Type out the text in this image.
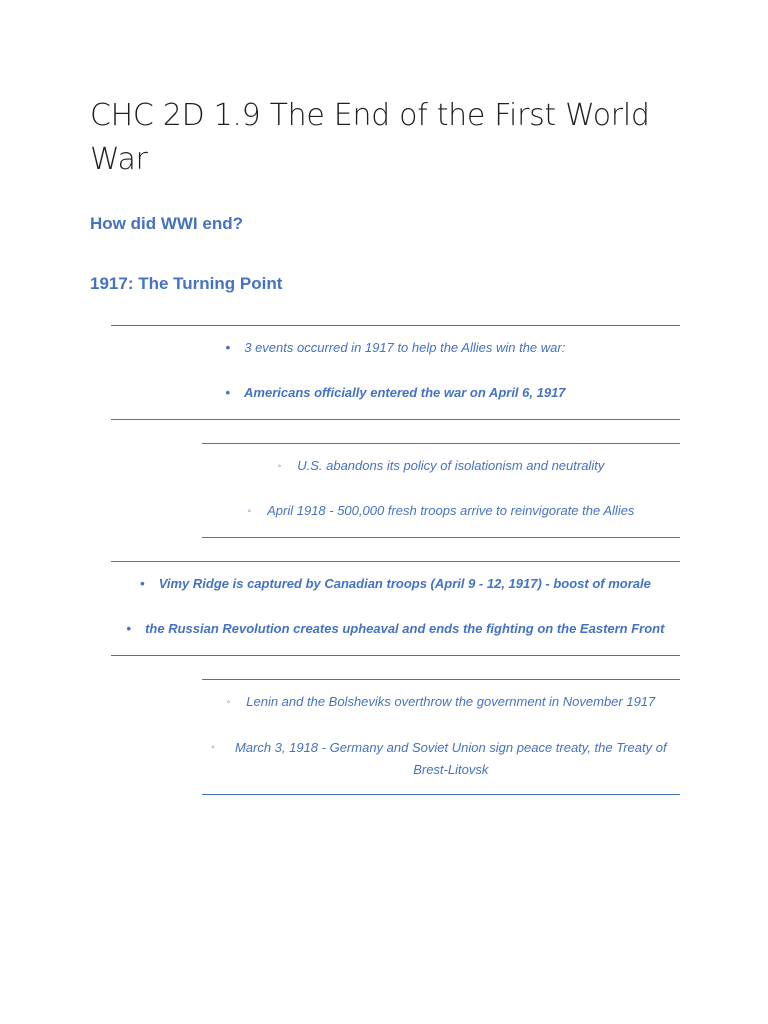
CHC 2D 1.9 The End of the First World War
How did WWI end?
1917: The Turning Point
• 3 events occurred in 1917 to help the Allies win the war:
• Americans officially entered the war on April 6, 1917
◦ U.S. abandons its policy of isolationism and neutrality
◦ April 1918 - 500,000 fresh troops arrive to reinvigorate the Allies
• Vimy Ridge is captured by Canadian troops (April 9 - 12, 1917) - boost of morale
• the Russian Revolution creates upheaval and ends the fighting on the Eastern Front
◦ Lenin and the Bolsheviks overthrow the government in November 1917
◦ March 3, 1918 - Germany and Soviet Union sign peace treaty, the Treaty of Brest-Litovsk
